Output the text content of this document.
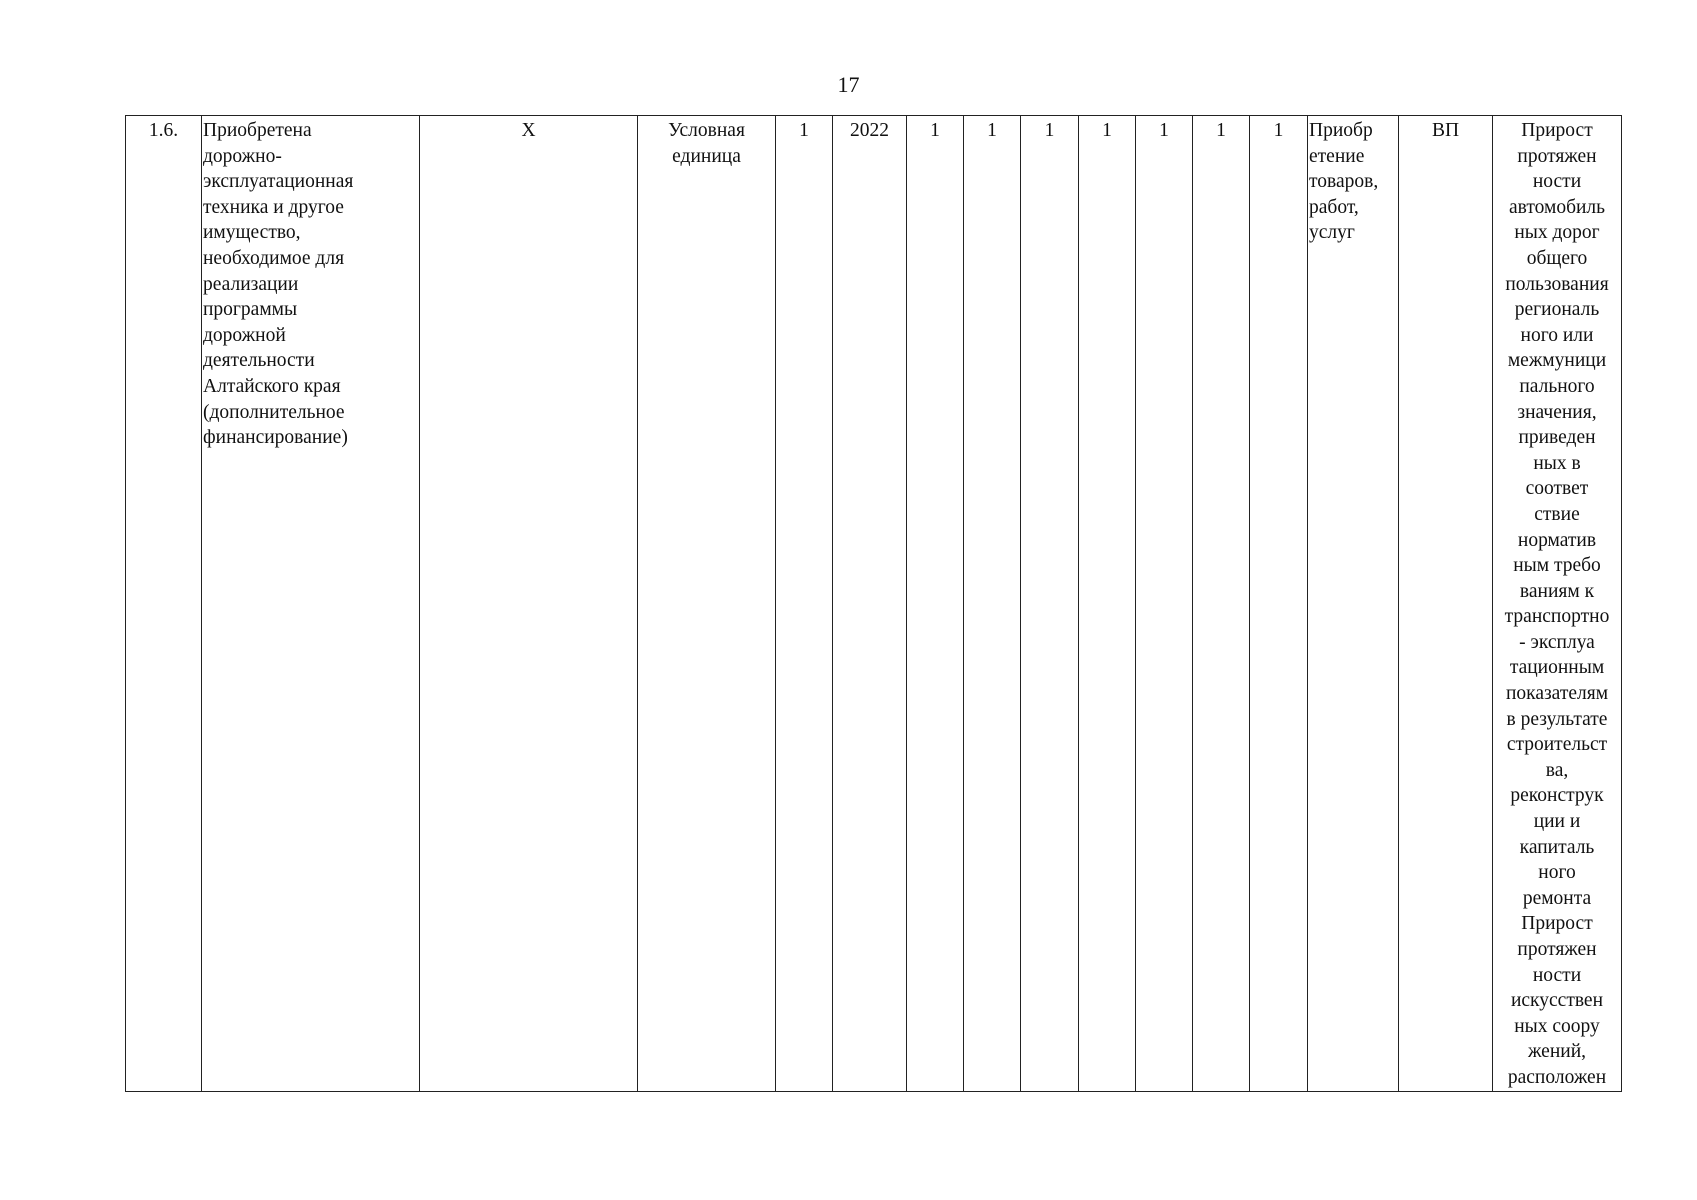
17
1.6.	Приобретена
дорожно-
эксплуатационная
техника и другое
имущество,
необходимое для
реализации
программы
дорожной
деятельности
Алтайского края
(дополнительное
финансирование)	Х	Условная
единица	1	2022	1	1	1	1	1	1	1	Приобр
етение
товаров,
работ,
услуг	ВП	Прирост
протяжен
ности
автомобиль
ных дорог
общего
пользования
региональ
ного или
межмуници
пального
значения,
приведен
ных в
соответ
ствие
норматив
ным требо
ваниям к
транспортно
- эксплуа
тационным
показателям
в результате
строительст
ва,
реконструк
ции и
капиталь
ного
ремонта
Прирост
протяжен
ности
искусствен
ных соору
жений,
расположен
